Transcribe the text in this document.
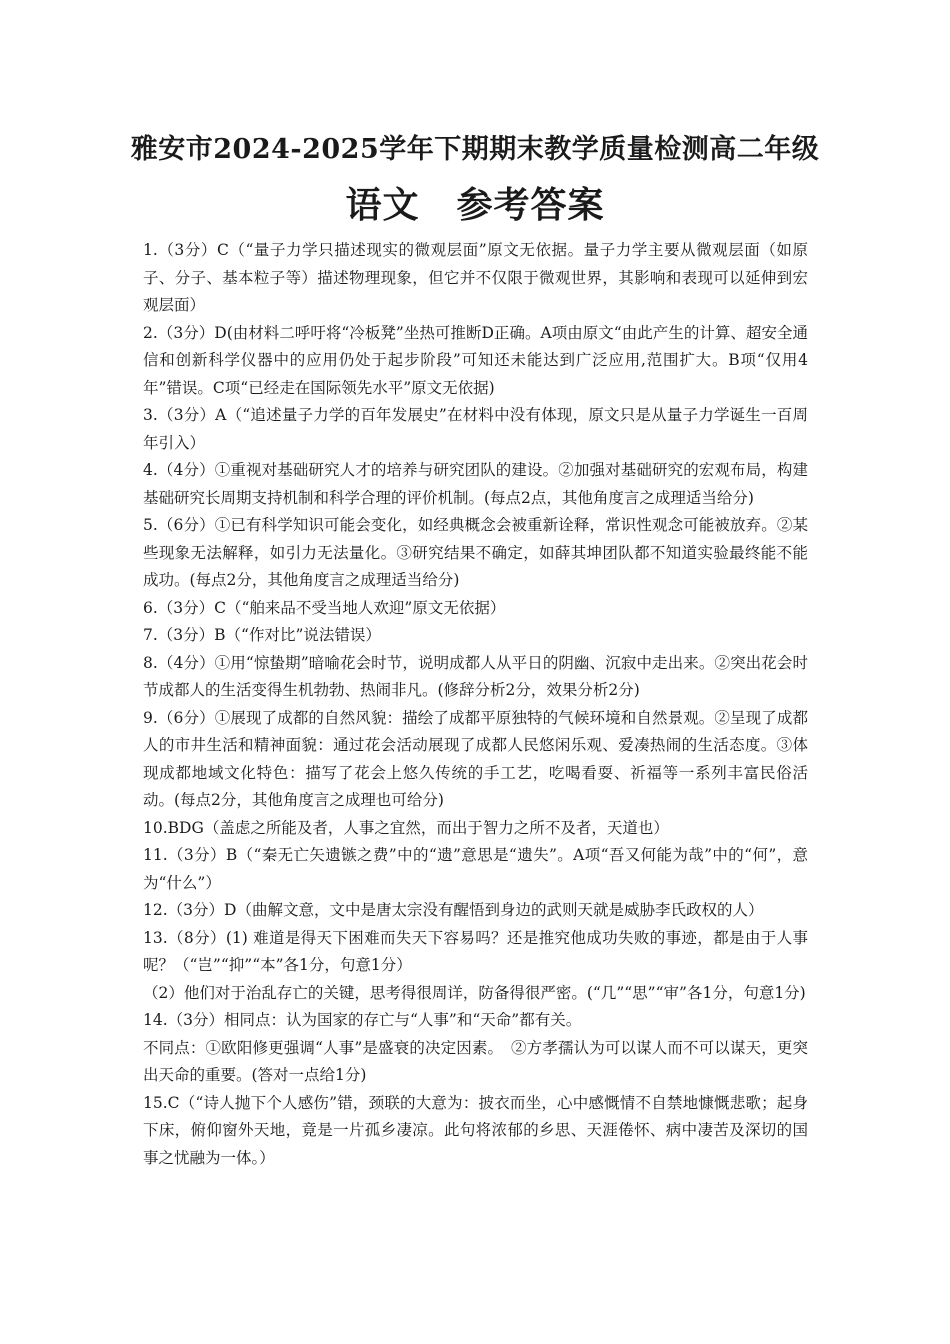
雅安市2024-2025学年下期期末教学质量检测高二年级
语文　参考答案

1.（3分）C（“量子力学只描述现实的微观层面”原文无依据。量子力学主要从微观层面（如原子、分子、基本粒子等）描述物理现象，但它并不仅限于微观世界，其影响和表现可以延伸到宏观层面）

2.（3分）D(由材料二呼吁将“冷板凳”坐热可推断D正确。A项由原文“由此产生的计算、超安全通信和创新科学仪器中的应用仍处于起步阶段”可知还未能达到广泛应用,范围扩大。B项“仅用4年”错误。C项“已经走在国际领先水平”原文无依据)

3.（3分）A（“追述量子力学的百年发展史”在材料中没有体现，原文只是从量子力学诞生一百周年引入）

4.（4分）①重视对基础研究人才的培养与研究团队的建设。②加强对基础研究的宏观布局，构建基础研究长周期支持机制和科学合理的评价机制。(每点2点，其他角度言之成理适当给分)

5.（6分）①已有科学知识可能会变化，如经典概念会被重新诠释，常识性观念可能被放弃。②某些现象无法解释，如引力无法量化。③研究结果不确定，如薛其坤团队都不知道实验最终能不能成功。(每点2分，其他角度言之成理适当给分)

6.（3分）C（“舶来品不受当地人欢迎”原文无依据）

7.（3分）B（“作对比”说法错误）

8.（4分）①用“惊蛰期”暗喻花会时节，说明成都人从平日的阴幽、沉寂中走出来。②突出花会时节成都人的生活变得生机勃勃、热闹非凡。(修辞分析2分，效果分析2分)

9.（6分）①展现了成都的自然风貌：描绘了成都平原独特的气候环境和自然景观。②呈现了成都人的市井生活和精神面貌：通过花会活动展现了成都人民悠闲乐观、爱凑热闹的生活态度。③体现成都地域文化特色：描写了花会上悠久传统的手工艺，吃喝看耍、祈福等一系列丰富民俗活动。(每点2分，其他角度言之成理也可给分)

10.BDG（盖虑之所能及者，人事之宜然，而出于智力之所不及者，天道也）

11.（3分）B（“秦无亡矢遗镞之费”中的“遗”意思是“遗失”。A项“吾又何能为哉”中的“何”，意为“什么”）

12.（3分）D（曲解文意，文中是唐太宗没有醒悟到身边的武则天就是威胁李氏政权的人）

13.（8分）(1) 难道是得天下困难而失天下容易吗？还是推究他成功失败的事迹，都是由于人事呢？（“岂”“抑”“本”各1分，句意1分）

（2）他们对于治乱存亡的关键，思考得很周详，防备得很严密。(“几”“思”“审”各1分，句意1分)

14.（3分）相同点：认为国家的存亡与“人事”和“天命”都有关。

不同点：①欧阳修更强调“人事”是盛衰的决定因素。　②方孝孺认为可以谋人而不可以谋天，更突出天命的重要。(答对一点给1分)

15.C（“诗人抛下个人感伤”错，颈联的大意为：披衣而坐，心中感慨情不自禁地慷慨悲歌；起身下床，俯仰窗外天地，竟是一片孤乡凄凉。此句将浓郁的乡思、天涯倦怀、病中凄苦及深切的国事之忧融为一体。）
